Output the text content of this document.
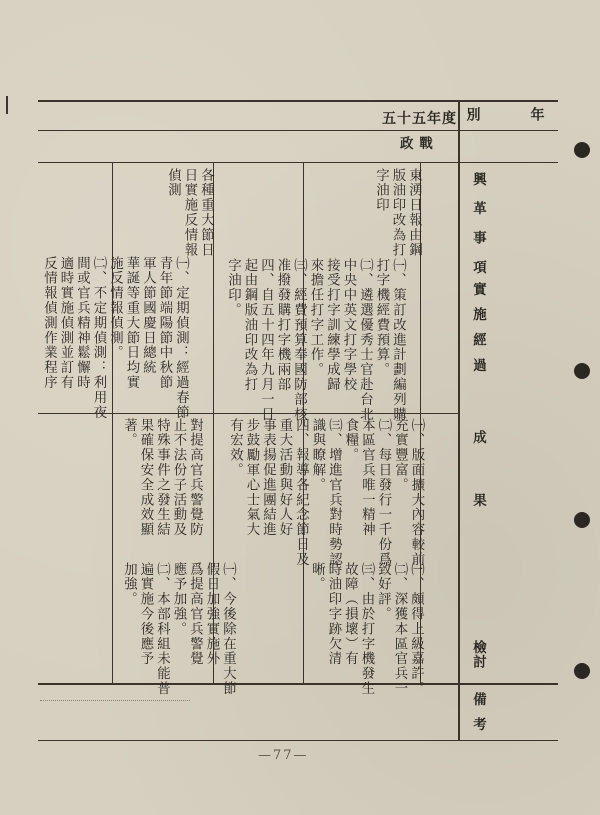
年
別
五十五年度
興革事項
實施經過
成果
檢討
備考
政戰
東湧日報由鋼
版油印改為打
字油印
各種重大節日
日實施反情報
偵測
㈠、策訂改進計劃編列購
打字機經費預算。
㈡、遴選優秀士官赴台北
中央中英文打字學校
接受打字訓練學成歸
來擔任打字工作。
㈢、經費預算奉國防部核
准撥發購打字機兩部
四、自五十四年九月一日
起由鋼版油印改為打
字油印。
㈠、定期偵測：經過春節
青年節端陽節中秋節
軍人節國慶日總統
華誕等重大節日均實
施反情報偵測。
㈡、不定期偵測：利用夜
間或官兵精神鬆懈時
適時實施偵測並訂有
反情報偵測作業程序
㈠、版面擴大內容較前
充實豐富。
㈡、每日發行一千份爲
本區官兵唯一精神
食糧。
㈢、增進官兵對時勢認
識與瞭解。
四、報導各紀念節日及
重大活動與好人好
事表揚促進團結進
步鼓勵軍心士氣大
有宏效。
對提高官兵警覺防
止不法份子活動及
特殊事件之發生結
果確保安全成效顯
著。
㈠、頗得上級嘉許。
㈡、深獲本區官兵一
致好評。
㈢、由於打字機發生
故障（損壞）有
時油印字跡欠清
晰。
㈠、今後除在重大節
假日加強實施外
爲提高官兵警覺
應予加強。
㈡、本部科組未能普
遍實施今後應予
加強。
—77—
